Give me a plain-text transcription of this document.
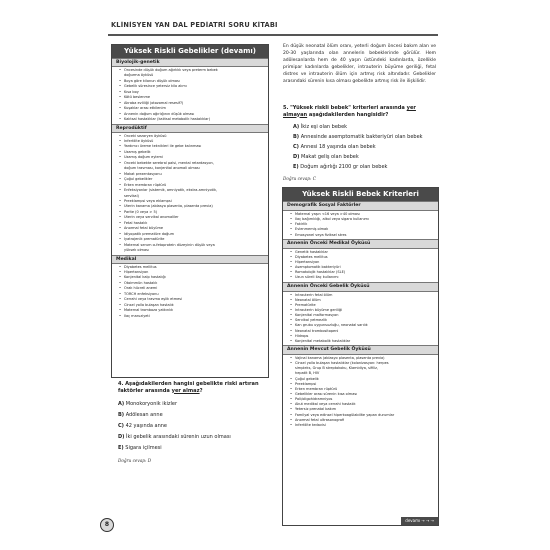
KLİNİSYEN YAN DAL PEDİATRİ SORU KİTABI
Yüksek Riskli Gebelikler (devamı)
Biyolojik-genetik
• Öncesinde düşük doğum ağırlıklı veya preterm bebek
doğurma öyküsü
• Boya göre kilonun düşük olması
• Gebelik süresince yetersiz kilo alımı
• Kısa boy
• Kötü beslenme
• Akraba evliliği (otozomal resesif?)
• Kuşaklar arası etkilenim
• Annenin doğum ağırlığının düşük olması
• Kalıtsal hastalıklar (kalıtsal metabolik hastalıklar)
Reprodüktif
• Önceki sezaryen öyküsü
• İnfertilite öyküsü
• Yardımcı üreme teknikleri ile gebe kalınması
• Uzamış gebelik
• Uzamış doğum eylemi
• Önceki bebekte serebral palsi, mental retardasyon,
doğum travması, konjenital anomali olması
• Makat prezentasyonu
• Çoğul gebelikler
• Erken membran rüptürü
• Enfeksiyonlar (sistemik, amniyotik, ekstra-amniyotik,
servikal)
• Preeklampsi veya eklampsi
• Uterin kanama (ablasyo plasenta, plasenta previa)
• Parite (0 veya > 5)
• Uterin veya servikal anomaliler
• Fetal hastalık
• Anormal fetal büyüme
• İdiyopatik prematüre doğum
• İyatrojenik prematürite
• Maternal serum α-fetoprotein düzeyinin düşük veya
yüksek olması
Medikal
• Diyabetes mellitus
• Hipertansiyon
• Konjenital kalp hastalığı
• Otoimmün hastalık
• Orak hücreli anemi
• TORCH enfeksiyonu
• Cerrahi veya travma eşlik etmesi
• Cinsel yolla bulaşan hastalık
• Maternal tromboza yatkınlık
• İlaç maruziyeti
4. Aşağıdakilerden hangisi gebelikte riski artıran faktörler arasında yer almaz?
A) Monokoryonik ikizler
B) Adölesan anne
C) 42 yaşında anne
D) İki gebelik arasındaki sürenin uzun olması
E) Sigara içilmesi
Doğru cevap: D
En düşük neonatal ölüm oranı, yeterli doğum öncesi bakım alan ve 20-30 yaşlarında olan annelerin bebeklerinde görülür. Hem adölesanlarda hem de 40 yaşın üstündeki kadınlarda, özellikle primipar kadınlarda gebelikler, intrauterin büyüme geriliği, fetal distres ve intrauterin ölüm için artmış risk altındadır. Gebelikler arasındaki sürenin kısa olması gebelikte artmış risk ile ilişkilidir.
5. "Yüksek riskli bebek" kriterleri arasında yer almayan aşağıdakilerden hangisidir?
A) İkiz eşi olan bebek
B) Annesinde asemptomatik bakteriyüri olan bebek
C) Annesi 18 yaşında olan bebek
D) Makat geliş olan bebek
E) Doğum ağırlığı 2100 gr olan bebek
Doğru cevap: C
Yüksek Riskli Bebek Kriterleri
Demografik Sosyal Faktörler
• Maternal yaşın <16 veya >40 olması
• İlaç bağımlılığı, alkol veya sigara kullanımı
• Fakirlik
• Evlenmemiş olmak
• Emosyonel veya fiziksel stres
Annenin Önceki Medikal Öyküsü
• Genetik hastalıklar
• Diyabetes mellitus
• Hipertansiyon
• Asemptomatik bakteriyüri
• Romatolojik hastalıklar (SLE)
• Uzun süreli ilaç kullanımı
Annenin Önceki Gebelik Öyküsü
• İntrauterin fetal ölüm
• Neonatal ölüm
• Prematürite
• İntrauterin büyüme geriliği
• Konjenital malformasyon
• Servikal yetmezlik
• Kan grubu uygunsuzluğu, neonatal sarılık
• Neonatal trombositopeni
• Hidrops
• Konjenital metabolik hastalıklar
Annenin Mevcut Gebelik Öyküsü
• Vajinal kanama (ablasyo plasenta, plasenta previa)
• Cinsel yolla bulaşan hastalıklar (kolonizasyon: herpes
simpleks, Grup B streptokoku, Klamidiya, sifiliz,
hepatit B, HIV
• Çoğul gebelik
• Preeklampsi
• Erken membran rüptürü
• Gebelikler arası sürenin kısa olması
• Poli/oligohidramniyos
• Akut medikal veya cerrahi hastalık
• Yetersiz prenatal bakım
• Familyal veya edinsel hiperkoagülabilite yapan durumlar
• Anormal fetal ultrasonografi
• İnfertilite tedavisi
devamı → → →
8
